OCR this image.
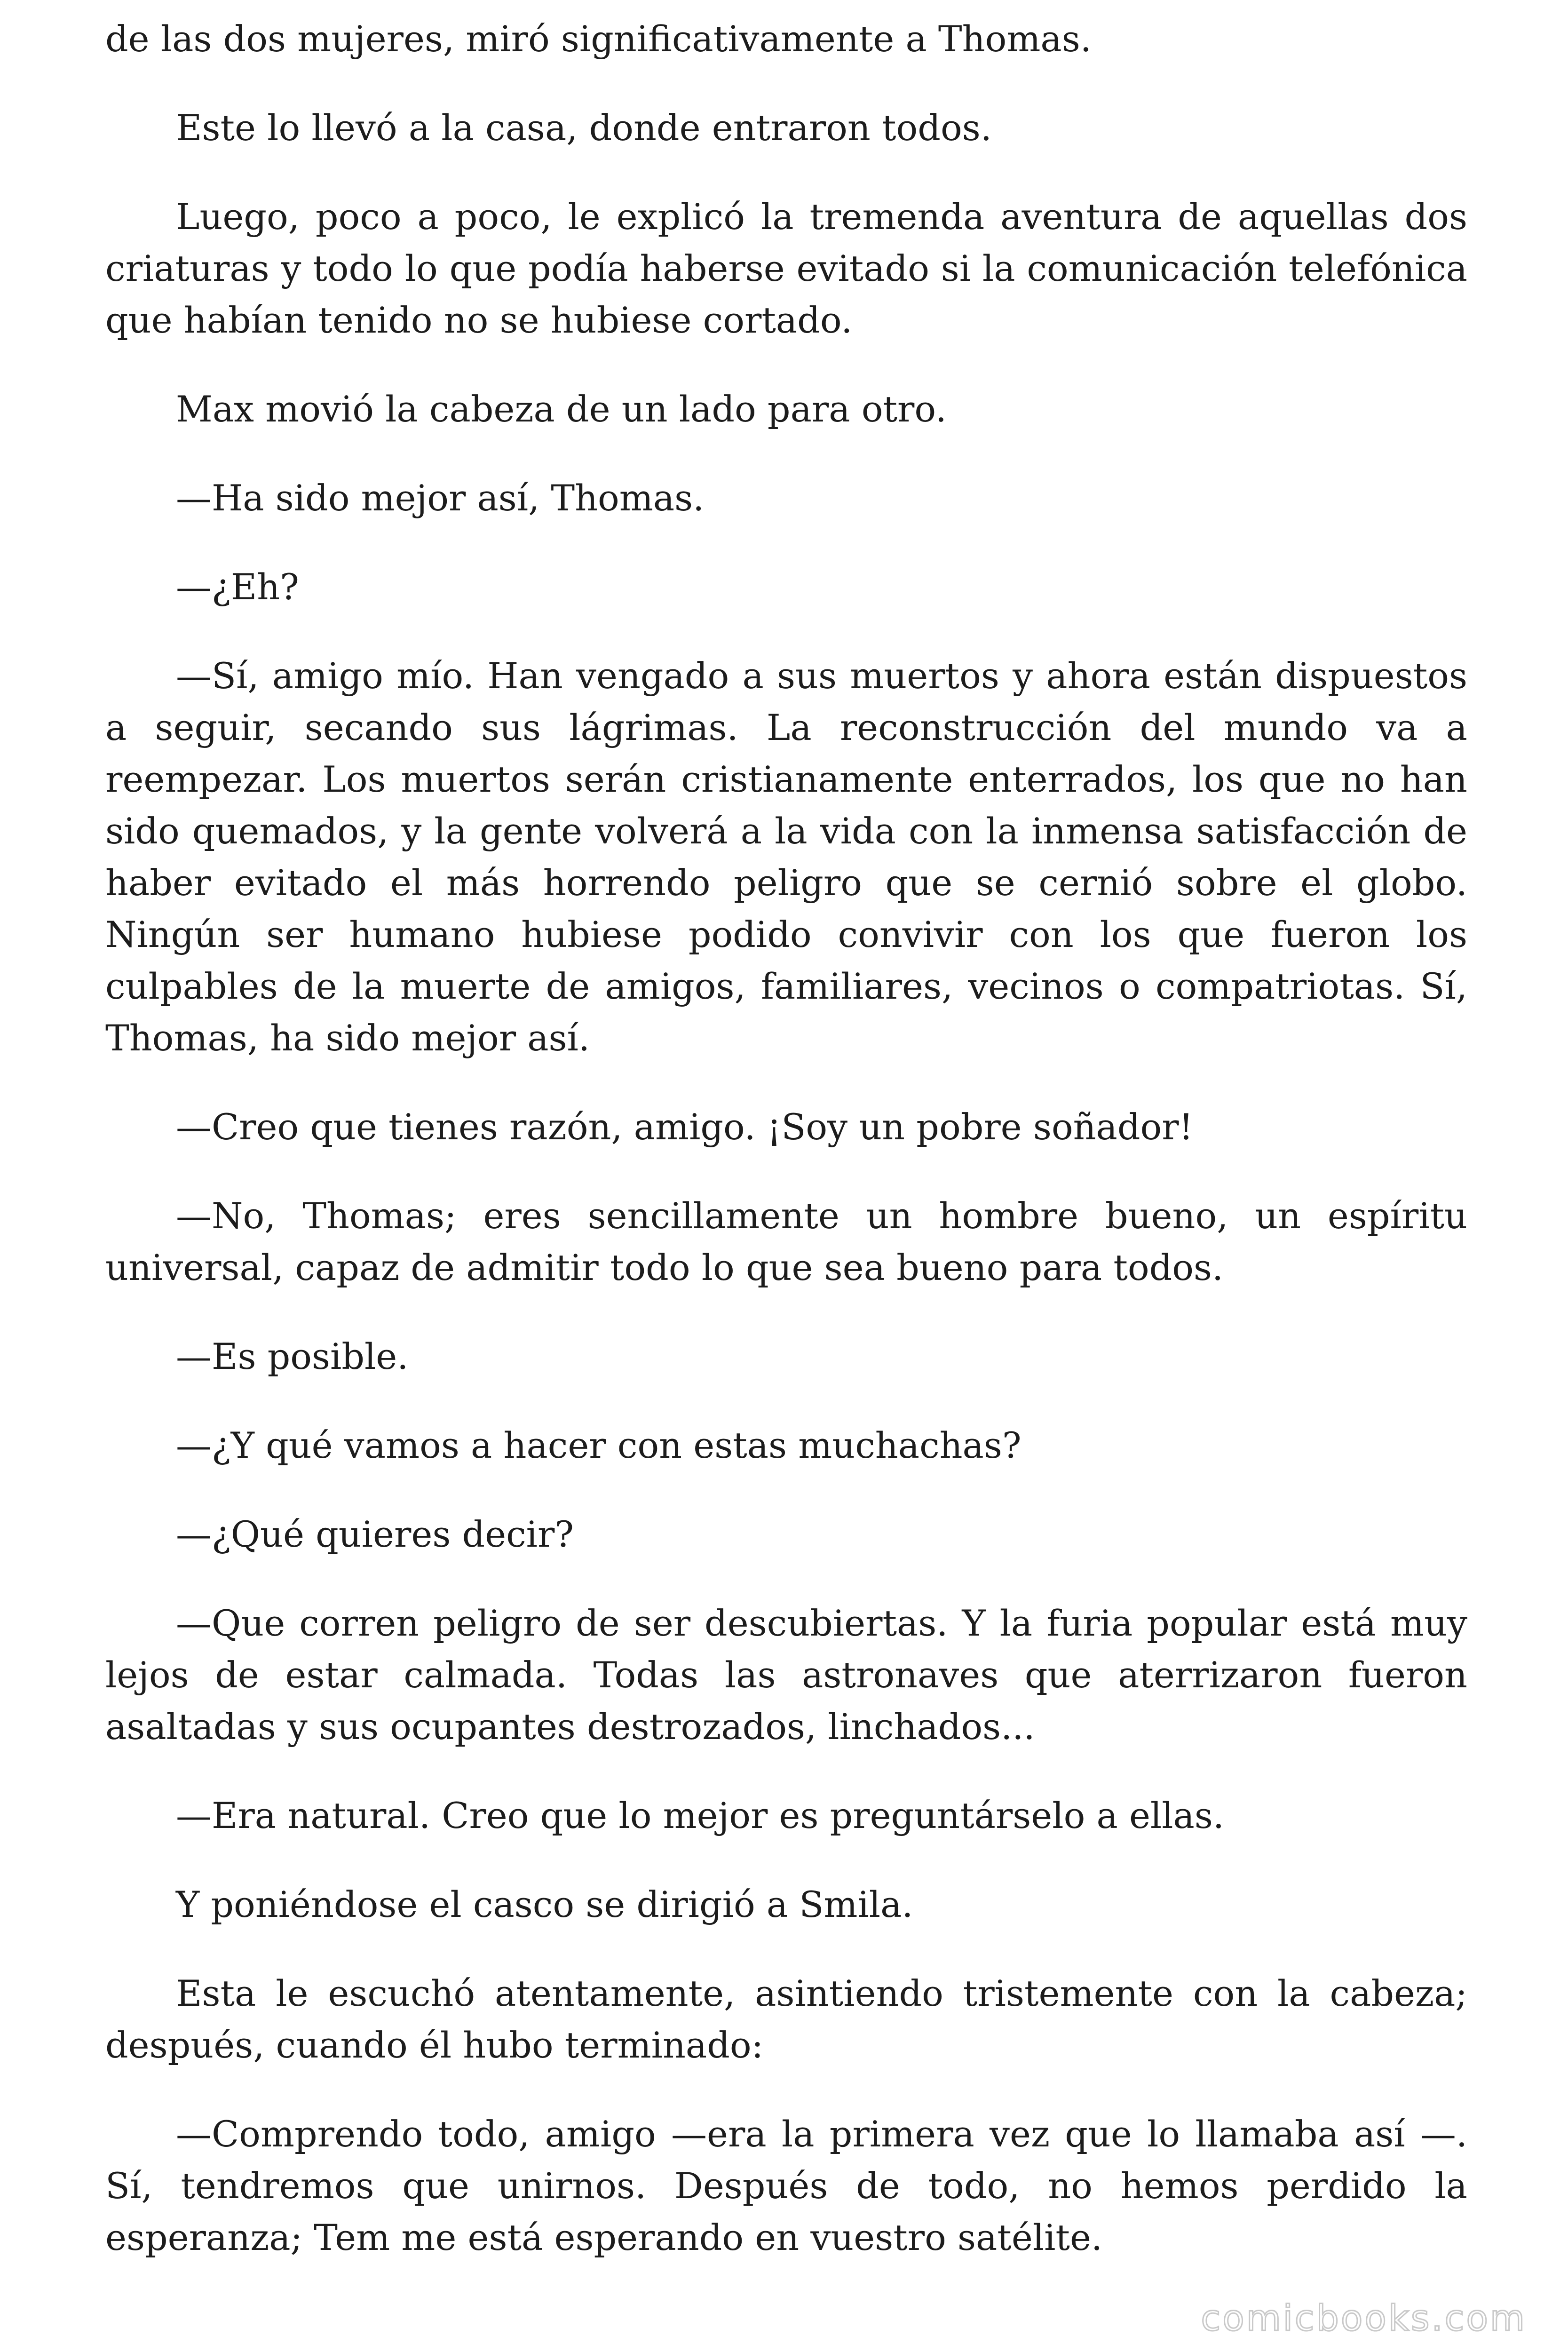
de las dos mujeres, miró significativamente a Thomas.

Este lo llevó a la casa, donde entraron todos.

Luego, poco a poco, le explicó la tremenda aventura de aquellas dos criaturas y todo lo que podía haberse evitado si la comunicación telefónica que habían tenido no se hubiese cortado.

Max movió la cabeza de un lado para otro.

—Ha sido mejor así, Thomas.

—¿Eh?

—Sí, amigo mío. Han vengado a sus muertos y ahora están dispuestos a seguir, secando sus lágrimas. La reconstrucción del mundo va a reempezar. Los muertos serán cristianamente enterrados, los que no han sido quemados, y la gente volverá a la vida con la inmensa satisfacción de haber evitado el más horrendo peligro que se cernió sobre el globo. Ningún ser humano hubiese podido convivir con los que fueron los culpables de la muerte de amigos, familiares, vecinos o compatriotas. Sí, Thomas, ha sido mejor así.

—Creo que tienes razón, amigo. ¡Soy un pobre soñador!

—No, Thomas; eres sencillamente un hombre bueno, un espíritu universal, capaz de admitir todo lo que sea bueno para todos.

—Es posible.

—¿Y qué vamos a hacer con estas muchachas?

—¿Qué quieres decir?

—Que corren peligro de ser descubiertas. Y la furia popular está muy lejos de estar calmada. Todas las astronaves que aterrizaron fueron asaltadas y sus ocupantes destrozados, linchados...

—Era natural. Creo que lo mejor es preguntárselo a ellas.

Y poniéndose el casco se dirigió a Smila.

Esta le escuchó atentamente, asintiendo tristemente con la cabeza; después, cuando él hubo terminado:

—Comprendo todo, amigo —era la primera vez que lo llamaba así —. Sí, tendremos que unirnos. Después de todo, no hemos perdido la esperanza; Tem me está esperando en vuestro satélite.

comicbooks.com
